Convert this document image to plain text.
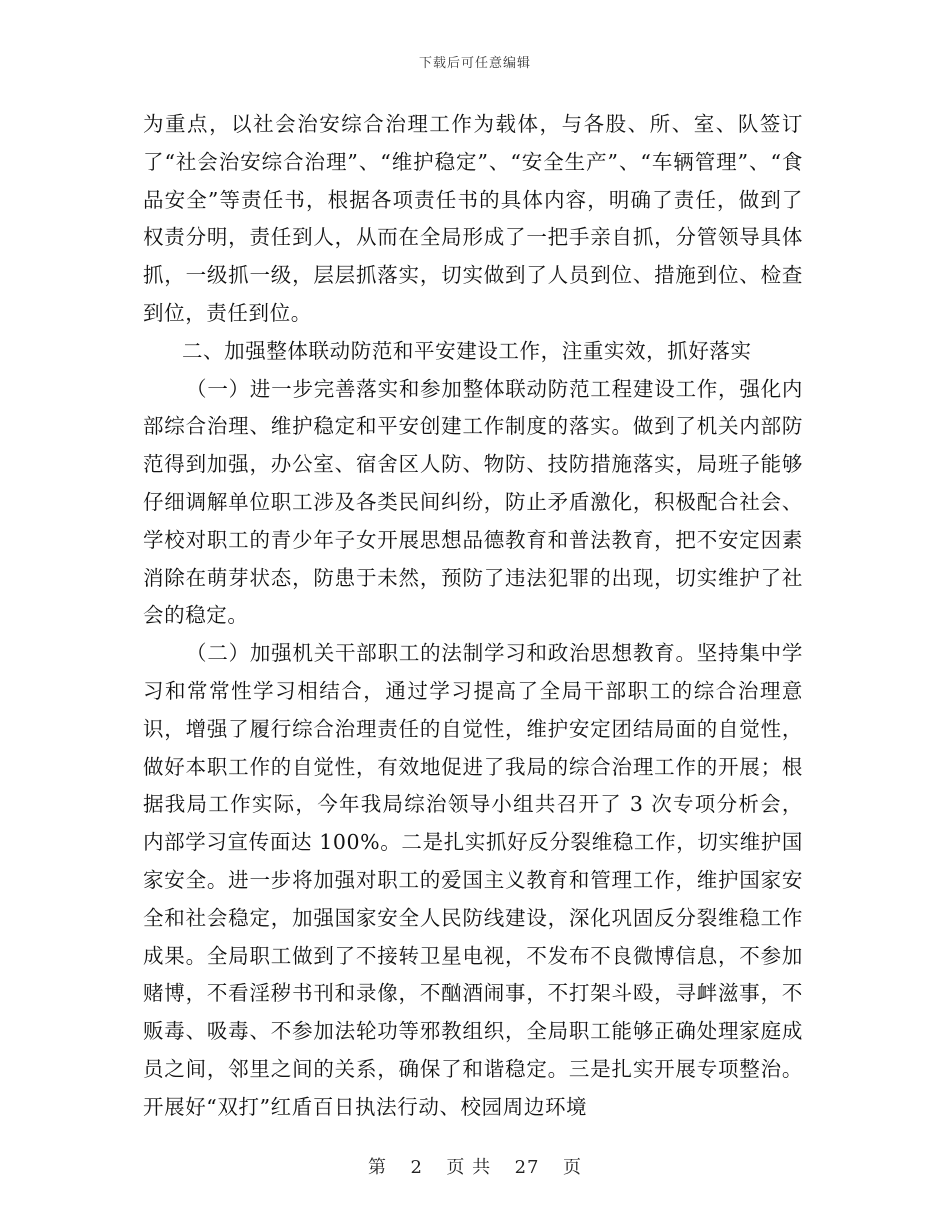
下载后可任意编辑

为重点，以社会治安综合治理工作为载体，与各股、所、室、队签订了“社会治安综合治理”、“维护稳定”、“安全生产”、“车辆管理”、“食品安全”等责任书，根据各项责任书的具体内容，明确了责任，做到了权责分明，责任到人，从而在全局形成了一把手亲自抓，分管领导具体抓，一级抓一级，层层抓落实，切实做到了人员到位、措施到位、检查到位，责任到位。

二、加强整体联动防范和平安建设工作，注重实效，抓好落实

（一）进一步完善落实和参加整体联动防范工程建设工作，强化内部综合治理、维护稳定和平安创建工作制度的落实。做到了机关内部防范得到加强，办公室、宿舍区人防、物防、技防措施落实，局班子能够仔细调解单位职工涉及各类民间纠纷，防止矛盾激化，积极配合社会、学校对职工的青少年子女开展思想品德教育和普法教育，把不安定因素消除在萌芽状态，防患于未然，预防了违法犯罪的出现，切实维护了社会的稳定。

（二）加强机关干部职工的法制学习和政治思想教育。坚持集中学习和常常性学习相结合，通过学习提高了全局干部职工的综合治理意识，增强了履行综合治理责任的自觉性，维护安定团结局面的自觉性，做好本职工作的自觉性，有效地促进了我局的综合治理工作的开展；根据我局工作实际，今年我局综治领导小组共召开了 3 次专项分析会，内部学习宣传面达 100%。二是扎实抓好反分裂维稳工作，切实维护国家安全。进一步将加强对职工的爱国主义教育和管理工作，维护国家安全和社会稳定，加强国家安全人民防线建设，深化巩固反分裂维稳工作成果。全局职工做到了不接转卫星电视，不发布不良微博信息，不参加赌博，不看淫秽书刊和录像，不酗酒闹事，不打架斗殴，寻衅滋事，不贩毒、吸毒、不参加法轮功等邪教组织，全局职工能够正确处理家庭成员之间，邻里之间的关系，确保了和谐稳定。三是扎实开展专项整治。开展好“双打”红盾百日执法行动、校园周边环境

第 2 页 共 27 页
